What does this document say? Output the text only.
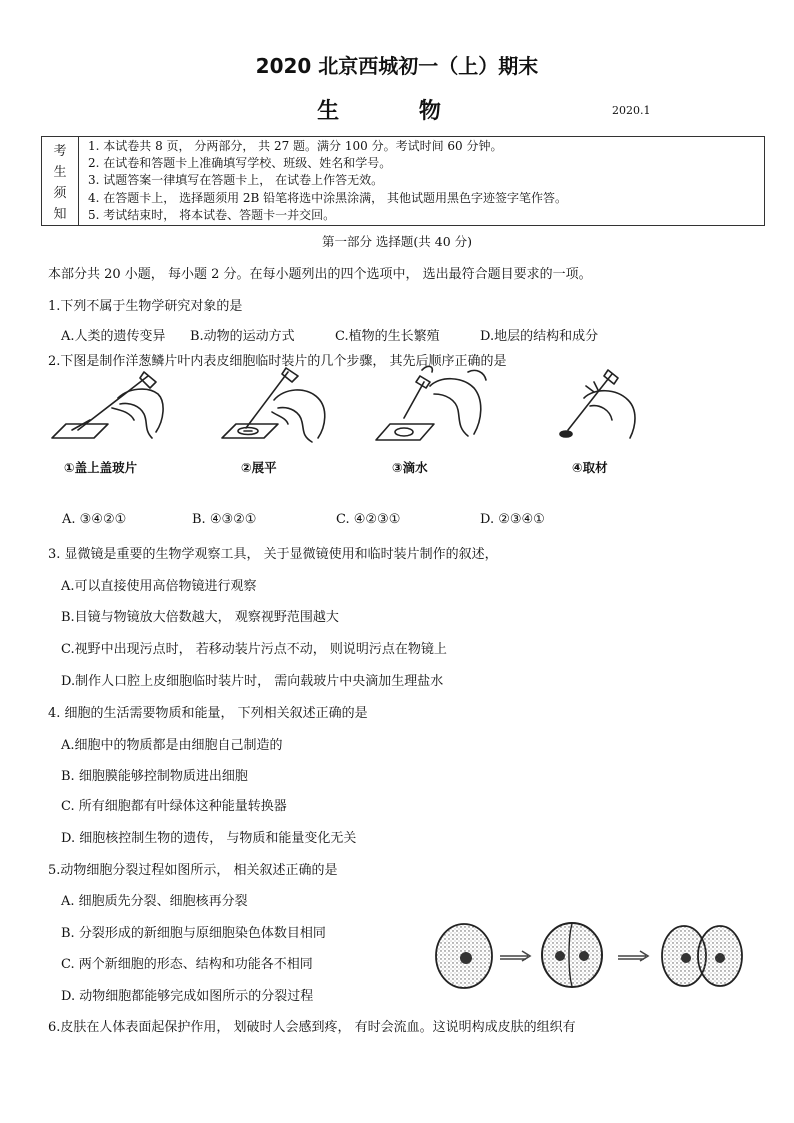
2020 北京西城初一（上）期末
生 物	2020.1
考
生
须
知
1. 本试卷共 8 页， 分两部分， 共 27 题。满分 100 分。考试时间 60 分钟。
2. 在试卷和答题卡上准确填写学校、班级、姓名和学号。
3. 试题答案一律填写在答题卡上， 在试卷上作答无效。
4. 在答题卡上， 选择题须用 2B 铅笔将选中涂黑涂满， 其他试题用黑色字迹签字笔作答。
5. 考试结束时， 将本试卷、答题卡一并交回。
第一部分 选择题(共 40 分)
本部分共 20 小题， 每小题 2 分。在每小题列出的四个选项中， 选出最符合题目要求的一项。
1.下列不属于生物学研究对象的是
A.人类的遗传变异 B.动物的运动方式	C.植物的生长繁殖	D.地层的结构和成分
2.下图是制作洋葱鳞片叶内表皮细胞临时装片的几个步骤， 其先后顺序正确的是
①盖上盖玻片	②展平	③滴水	④取材
A. ③④②①	B. ④③②①	C. ④②③①	D. ②③④①
3. 显微镜是重要的生物学观察工具， 关于显微镜使用和临时装片制作的叙述，
A.可以直接使用高倍物镜进行观察
B.目镜与物镜放大倍数越大， 观察视野范围越大
C.视野中出现污点时， 若移动装片污点不动， 则说明污点在物镜上
D.制作人口腔上皮细胞临时装片时， 需向载玻片中央滴加生理盐水
4. 细胞的生活需要物质和能量， 下列相关叙述正确的是
A.细胞中的物质都是由细胞自己制造的
B. 细胞膜能够控制物质进出细胞
C. 所有细胞都有叶绿体这种能量转换器
D. 细胞核控制生物的遗传， 与物质和能量变化无关
5.动物细胞分裂过程如图所示， 相关叙述正确的是
A. 细胞质先分裂、细胞核再分裂
B. 分裂形成的新细胞与原细胞染色体数目相同
C. 两个新细胞的形态、结构和功能各不相同
D. 动物细胞都能够完成如图所示的分裂过程
6.皮肤在人体表面起保护作用， 划破时人会感到疼， 有时会流血。这说明构成皮肤的组织有
